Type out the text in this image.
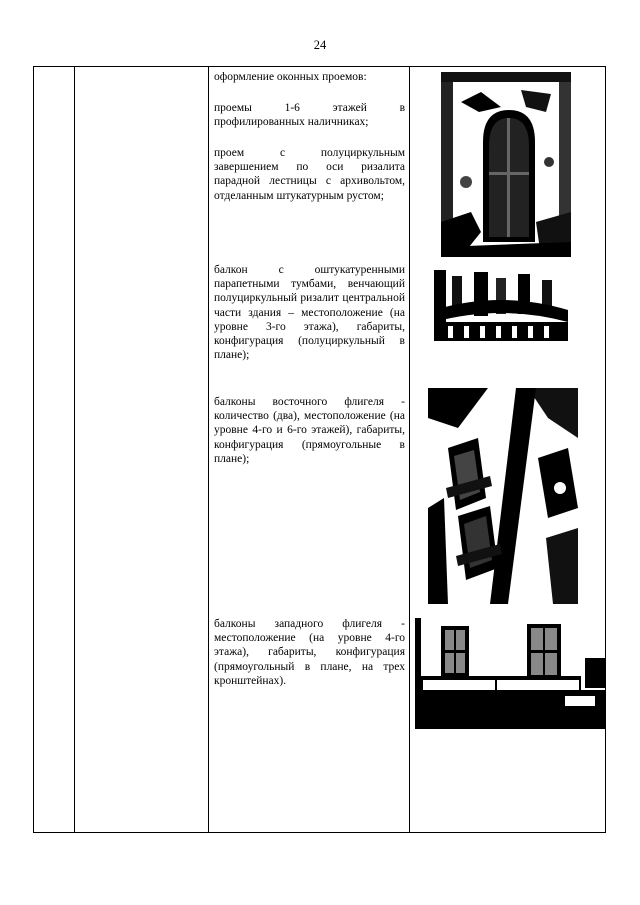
24
оформление оконных проемов:
проемы 1-6 этажей в профилированных наличниках;
проем с полуциркульным завершением по оси ризалита парадной лестницы с архивольтом, отделанным штукатурным рустом;
балкон с оштукатуренными парапетными тумбами, венчающий полуциркульный ризалит центральной части здания – местоположение (на уровне 3-го этажа), габариты, конфигурация (полуциркульный в плане);
балконы восточного флигеля - количество (два), местоположение (на уровне 4-го и 6-го этажей), габариты, конфигурация (прямоугольные в плане);
балконы западного флигеля - местоположение (на уровне 4-го этажа), габариты, конфигурация (прямоугольный в плане, на трех кронштейнах).
